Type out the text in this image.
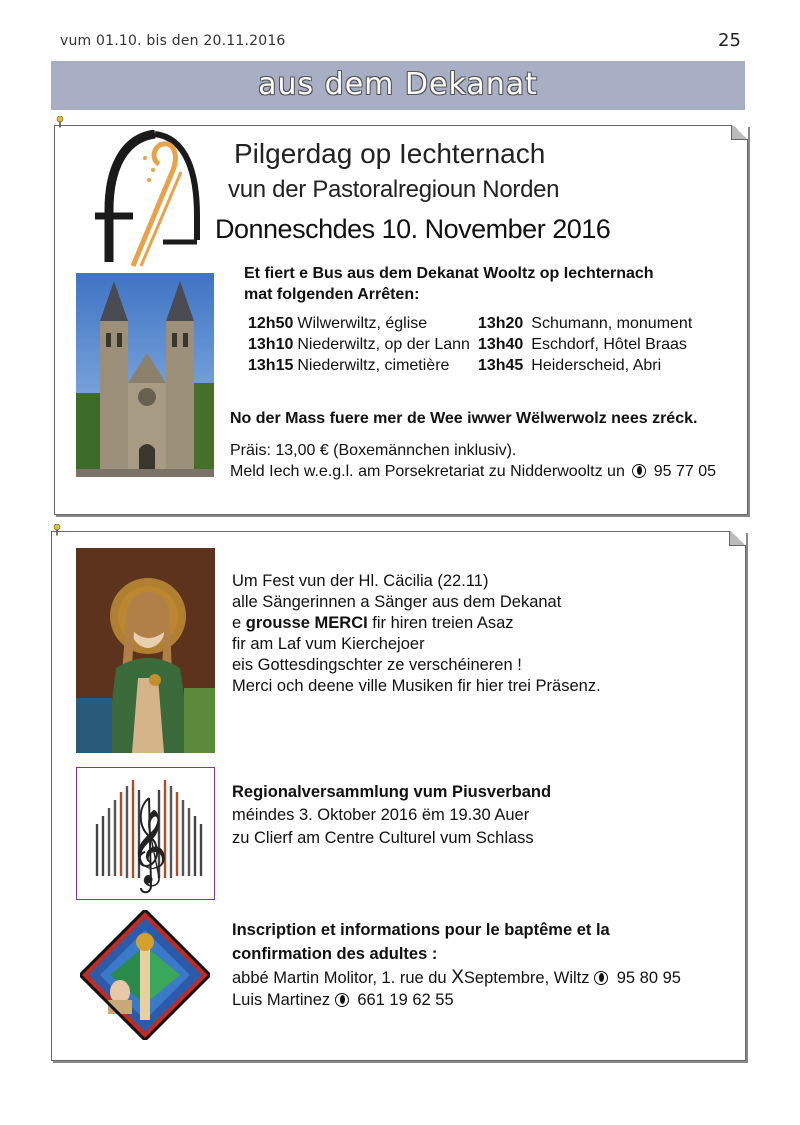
vum 01.10. bis den 20.11.2016	25
aus dem Dekanat
Pilgerdag op Iechternach
vun der Pastoralregioun Norden
Donneschdes 10. November 2016
Et fiert e Bus aus dem Dekanat Wooltz op Iechternach
mat folgenden Arrêten:
12h50	Wilwerwiltz, église	13h20	Schumann, monument
13h10	Niederwiltz, op der Lann	13h40	Eschdorf, Hôtel Braas
13h15	Niederwiltz, cimetière	13h45	Heiderscheid, Abri
No der Mass fuere mer de Wee iwwer Wëlwerwolz nees zréck.
Präis: 13,00 € (Boxemännchen inklusiv).
Meld Iech w.e.g.l. am Porsekretariat zu Nidderwooltz un 95 77 05
Um Fest vun der Hl. Cäcilia (22.11)
alle Sängerinnen a Sänger aus dem Dekanat
e grousse MERCI fir hiren treien Asaz
fir am Laf vum Kierchejoer
eis Gottesdingschter ze verschéineren !
Merci och deene ville Musiken fir hier trei Präsenz.
𝄞
Regionalversammlung vum Piusverband
méindes 3. Oktober 2016 ëm 19.30 Auer
zu Clierf am Centre Culturel vum Schlass
Inscription et informations pour le baptême et la
confirmation des adultes :
abbé Martin Molitor, 1. rue du XSeptembre, Wiltz
95 80 95
Luis Martinez
661 19 62 55
